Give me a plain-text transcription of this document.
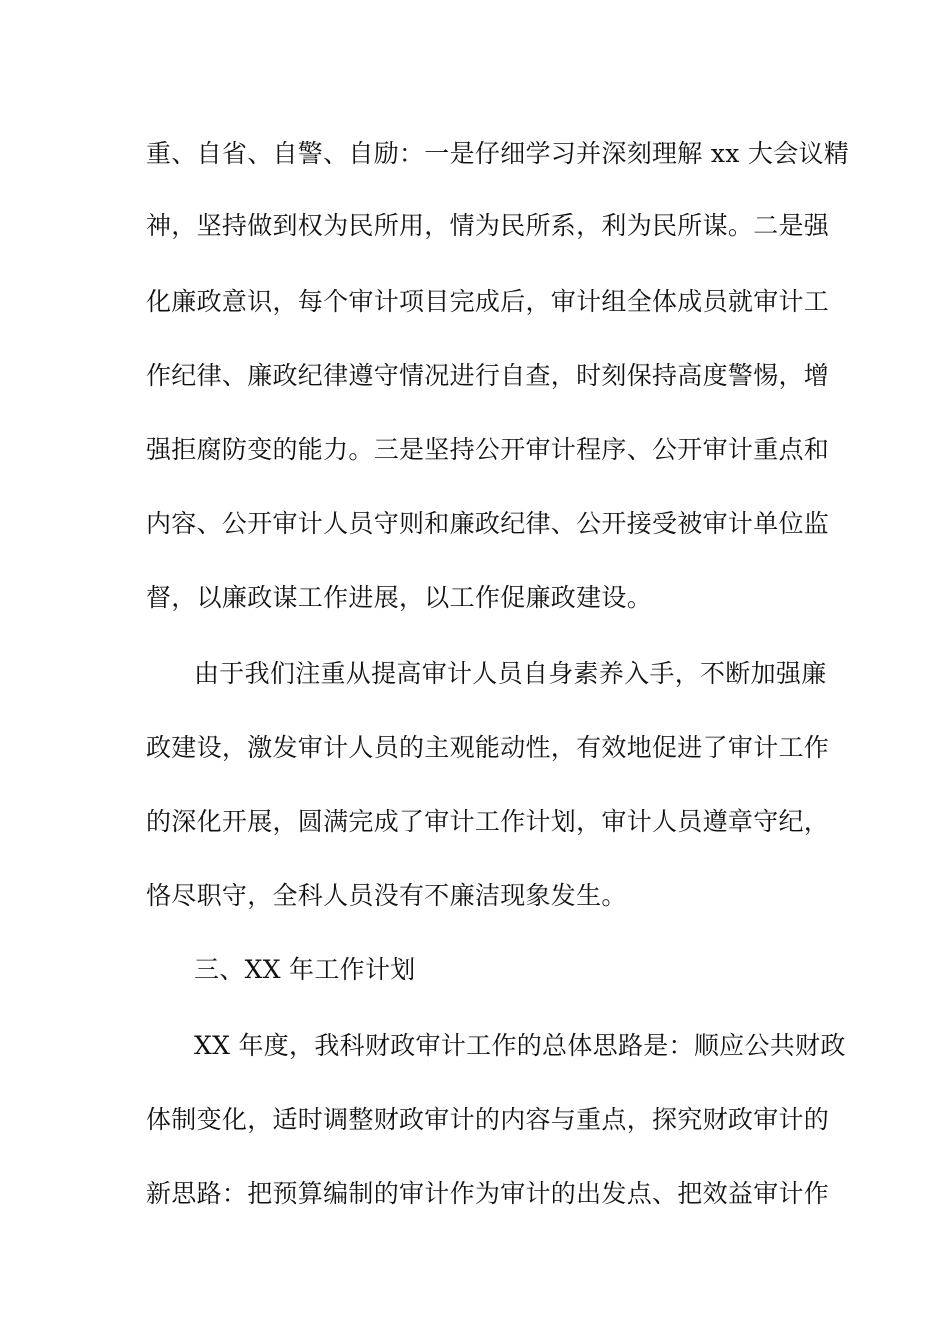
重、自省、自警、自励：一是仔细学习并深刻理解 xx 大会议精
神，坚持做到权为民所用，情为民所系，利为民所谋。二是强
化廉政意识，每个审计项目完成后，审计组全体成员就审计工
作纪律、廉政纪律遵守情况进行自查，时刻保持高度警惕，增
强拒腐防变的能力。三是坚持公开审计程序、公开审计重点和
内容、公开审计人员守则和廉政纪律、公开接受被审计单位监
督，以廉政谋工作进展，以工作促廉政建设。
由于我们注重从提高审计人员自身素养入手，不断加强廉
政建设，激发审计人员的主观能动性，有效地促进了审计工作
的深化开展，圆满完成了审计工作计划，审计人员遵章守纪，
恪尽职守，全科人员没有不廉洁现象发生。
三、XX 年工作计划
XX 年度，我科财政审计工作的总体思路是：顺应公共财政
体制变化，适时调整财政审计的内容与重点，探究财政审计的
新思路：把预算编制的审计作为审计的出发点、把效益审计作
